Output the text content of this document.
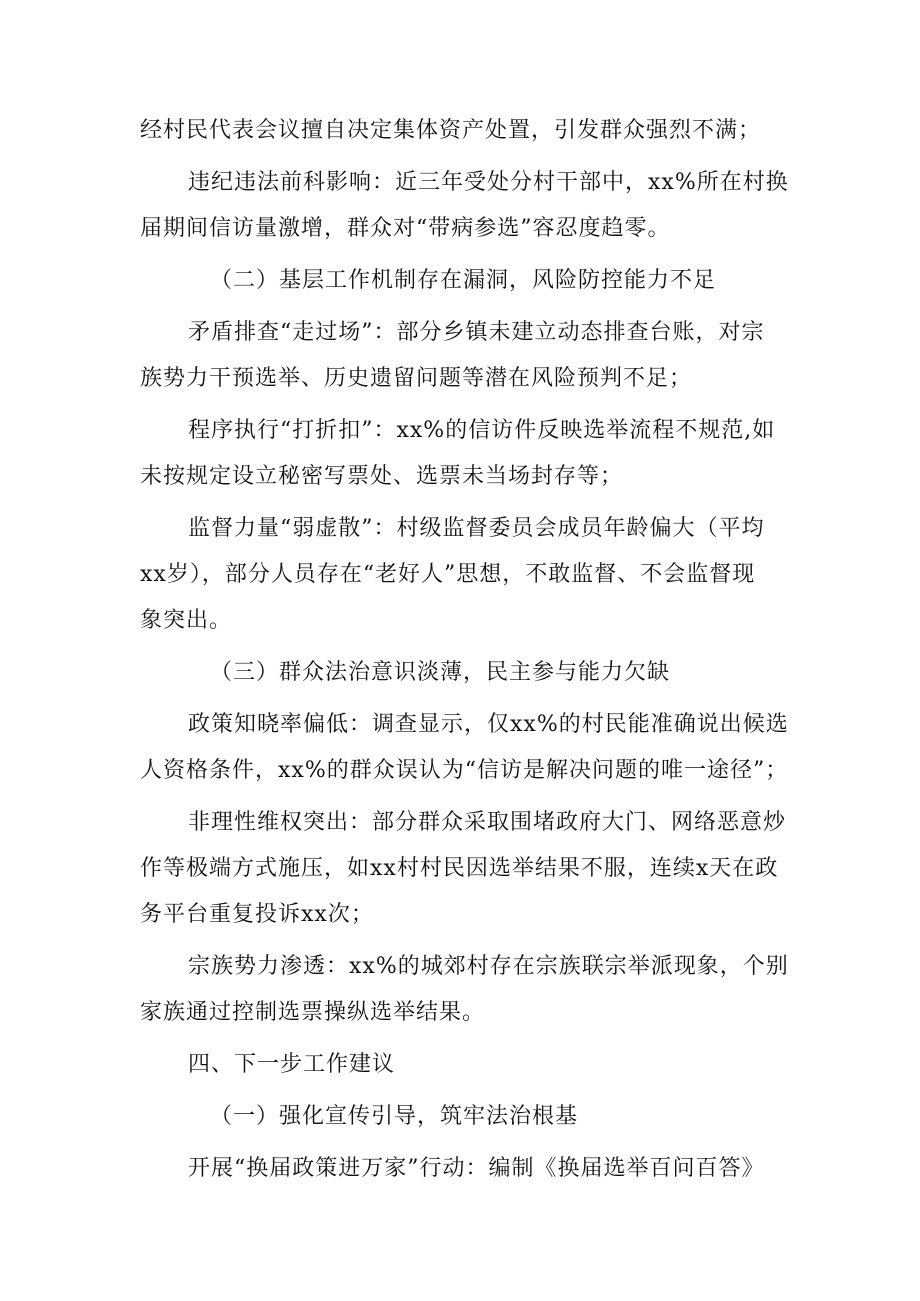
经村民代表会议擅自决定集体资产处置，引发群众强烈不满；
违纪违法前科影响：近三年受处分村干部中，xx%所在村换
届期间信访量激增，群众对“带病参选”容忍度趋零。
（二）基层工作机制存在漏洞，风险防控能力不足
矛盾排查“走过场”：部分乡镇未建立动态排查台账，对宗
族势力干预选举、历史遗留问题等潜在风险预判不足；
程序执行“打折扣”：xx%的信访件反映选举流程不规范,如
未按规定设立秘密写票处、选票未当场封存等；
监督力量“弱虚散”：村级监督委员会成员年龄偏大（平均
xx岁），部分人员存在“老好人”思想，不敢监督、不会监督现
象突出。
（三）群众法治意识淡薄，民主参与能力欠缺
政策知晓率偏低：调查显示，仅xx%的村民能准确说出候选
人资格条件，xx%的群众误认为“信访是解决问题的唯一途径”；
非理性维权突出：部分群众采取围堵政府大门、网络恶意炒
作等极端方式施压，如xx村村民因选举结果不服，连续x天在政
务平台重复投诉xx次；
宗族势力渗透：xx%的城郊村存在宗族联宗举派现象，个别
家族通过控制选票操纵选举结果。
四、下一步工作建议
（一）强化宣传引导，筑牢法治根基
开展“换届政策进万家”行动：编制《换届选举百问百答》
